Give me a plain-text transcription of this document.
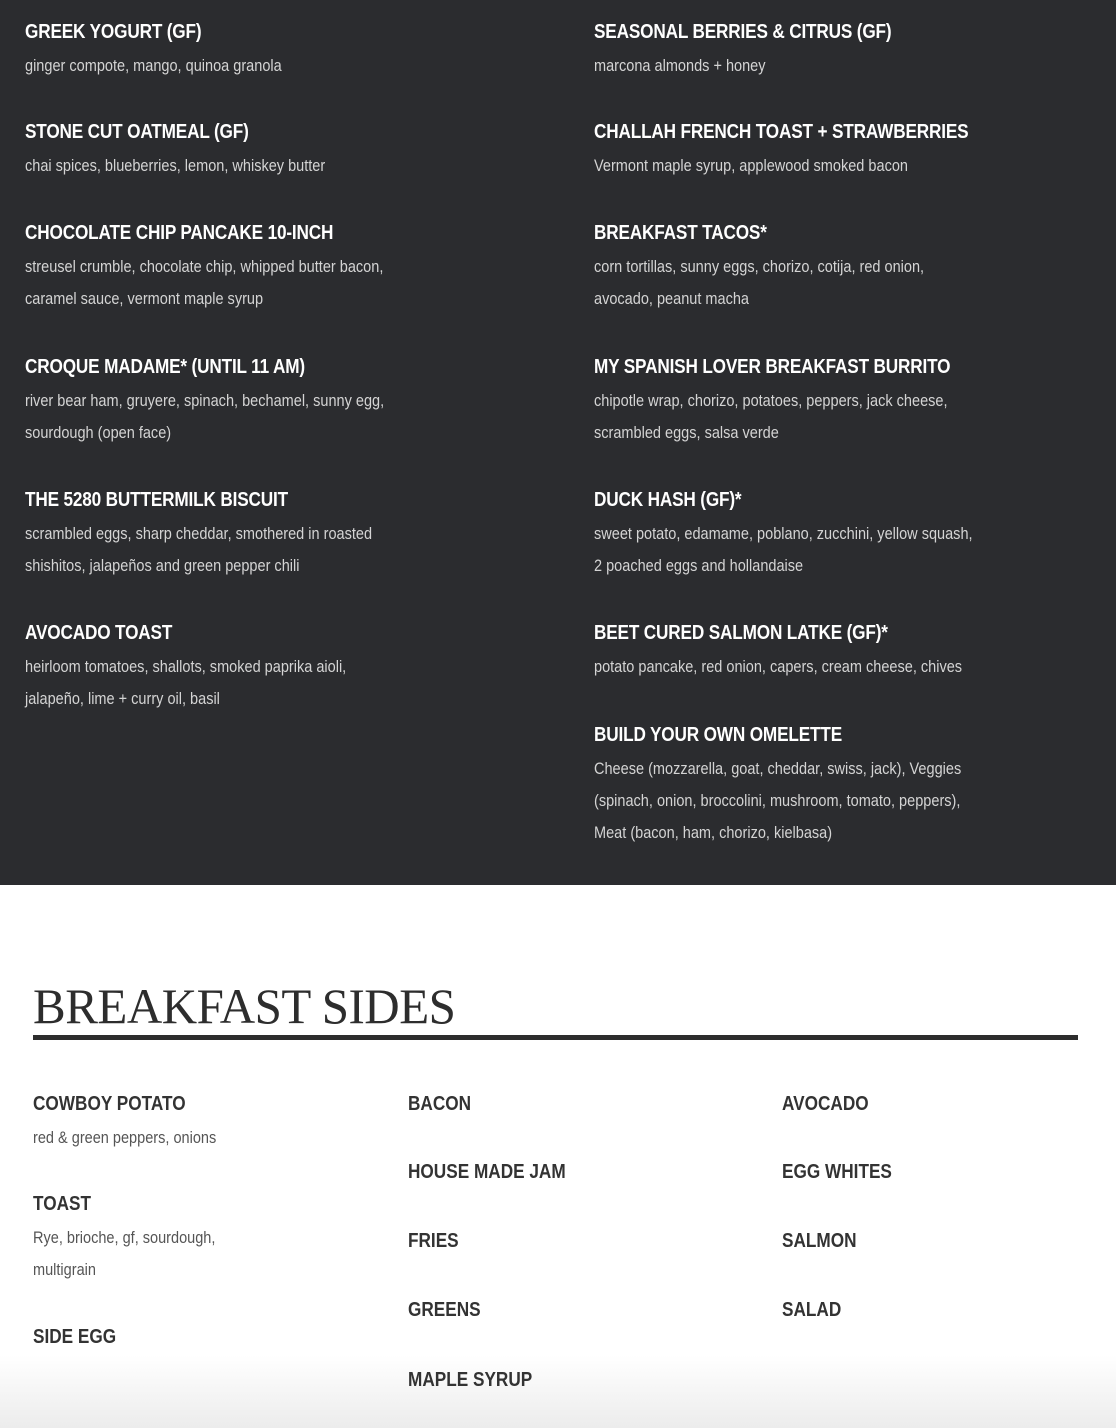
GREEK YOGURT (GF)
ginger compote, mango, quinoa granola
STONE CUT OATMEAL (GF)
chai spices, blueberries, lemon, whiskey butter
CHOCOLATE CHIP PANCAKE 10-INCH
streusel crumble, chocolate chip, whipped butter bacon,
caramel sauce, vermont maple syrup
CROQUE MADAME* (UNTIL 11 AM)
river bear ham, gruyere, spinach, bechamel, sunny egg,
sourdough (open face)
THE 5280 BUTTERMILK BISCUIT
scrambled eggs, sharp cheddar, smothered in roasted
shishitos, jalapeños and green pepper chili
AVOCADO TOAST
heirloom tomatoes, shallots, smoked paprika aioli,
jalapeño, lime + curry oil, basil
SEASONAL BERRIES & CITRUS (GF)
marcona almonds + honey
CHALLAH FRENCH TOAST + STRAWBERRIES
Vermont maple syrup, applewood smoked bacon
BREAKFAST TACOS*
corn tortillas, sunny eggs, chorizo, cotija, red onion,
avocado, peanut macha
MY SPANISH LOVER BREAKFAST BURRITO
chipotle wrap, chorizo, potatoes, peppers, jack cheese,
scrambled eggs, salsa verde
DUCK HASH (GF)*
sweet potato, edamame, poblano, zucchini, yellow squash,
2 poached eggs and hollandaise
BEET CURED SALMON LATKE (GF)*
potato pancake, red onion, capers, cream cheese, chives
BUILD YOUR OWN OMELETTE
Cheese (mozzarella, goat, cheddar, swiss, jack), Veggies
(spinach, onion, broccolini, mushroom, tomato, peppers),
Meat (bacon, ham, chorizo, kielbasa)
BREAKFAST SIDES
COWBOY POTATO
red & green peppers, onions
TOAST
Rye, brioche, gf, sourdough,
multigrain
SIDE EGG
BACON
HOUSE MADE JAM
FRIES
GREENS
MAPLE SYRUP
AVOCADO
EGG WHITES
SALMON
SALAD
